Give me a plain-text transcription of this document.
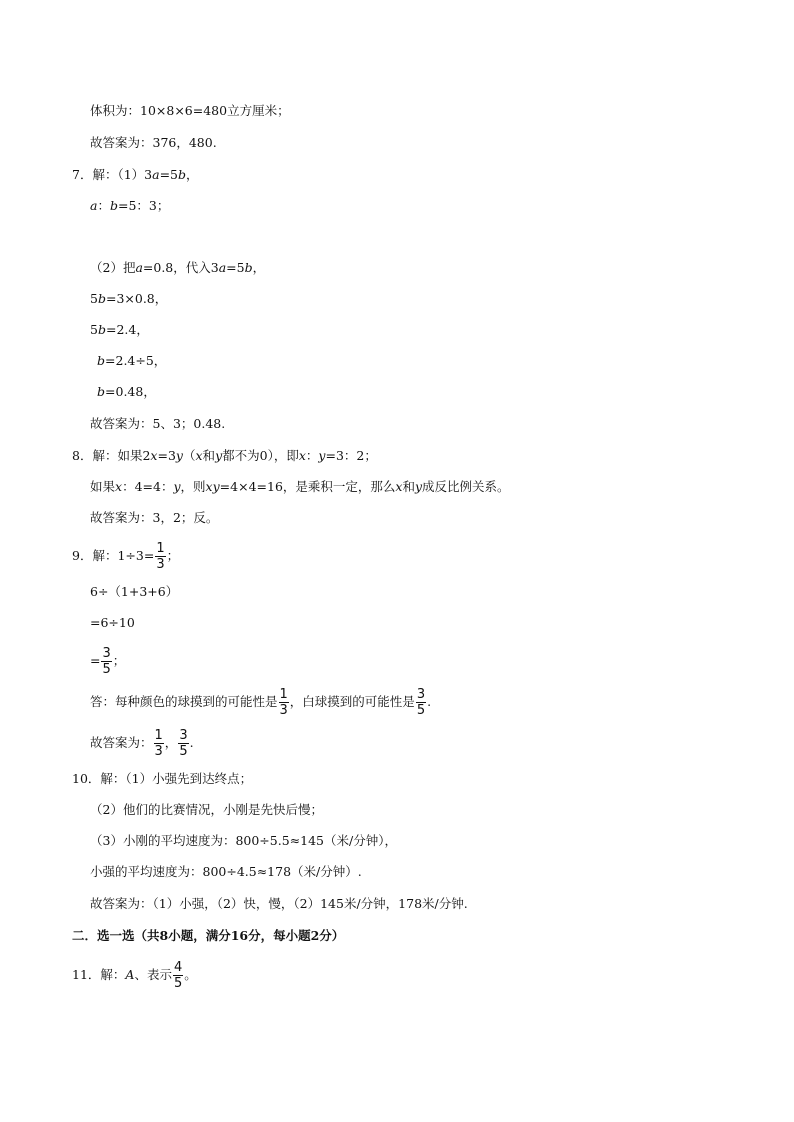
体积为：10×8×6=480立方厘米；
故答案为：376，480.
7．解：（1）3a=5b，
a：b=5：3；
（2）把a=0.8，代入3a=5b，
5b=3×0.8，
5b=2.4，
b=2.4÷5，
b=0.48，
故答案为：5、3；0.48.
8．解：如果2x=3y（x和y都不为0），即x：y=3：2；
如果x：4=4：y，则xy=4×4=16，是乘积一定，那么x和y成反比例关系。
故答案为：3，2；反。
9．解：$1\div 3= \frac{1}{3}$ ；
6÷（1+3+6）
=6÷10
= $\frac{3}{5}$ ；
答：每种颜色的球摸到的可能性是 $\frac{1}{3}$ ，白球摸到的可能性是 $\frac{3}{5}$ .
故答案为： $\frac{1}{3}$ ， $\frac{3}{5}$ .
10．解：（1）小强先到达终点；
（2）他们的比赛情况，小刚是先快后慢；
（3）小刚的平均速度为：800÷5.5≈145（米/分钟），
小强的平均速度为：800÷4.5≈178（米/分钟）.
故答案为：（1）小强，（2）快，慢，（2）145米/分钟，178米/分钟.
二．选一选（共8小题，满分16分，每小题2分）
11．解：A、表示 $\frac{4}{5}$ 。
